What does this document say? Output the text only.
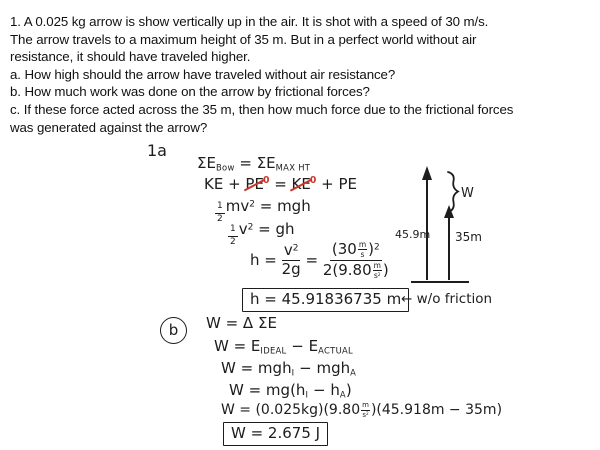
1. A 0.025 kg arrow is show vertically up in the air. It is shot with a speed of 30 m/s.
The arrow travels to a maximum height of 35 m. But in a perfect world without air
resistance, it should have traveled higher.
a. How high should the arrow have traveled without air resistance?
b. How much work was done on the arrow by frictional forces?
c. If these force acted across the 35 m, then how much force due to the frictional forces
was generated against the arrow?
1a
ΣEBow = ΣEMAX HT
KE + $PE^0 = KE^0$ + PE
$\frac{1}{2} mv^2$ = mgh
$\frac{1}{2} v^2$ = gh
$h = \frac{v^2}{2g} = \frac{(30 \frac{m}{s} )^2}{2(9.80 \frac{m}{s^2} )}$
h = 45.91836735 m ← w/o friction
W
45.9m 35m
b	W = Δ ΣE
W = EIDEAL − EACTUAL
W = mghI − mghA
W = mg(hI − hA)
$W = (0.025kg)(9.80 \frac{m}{s^2} )(45.918m - 35m)$
W = 2.675 J
